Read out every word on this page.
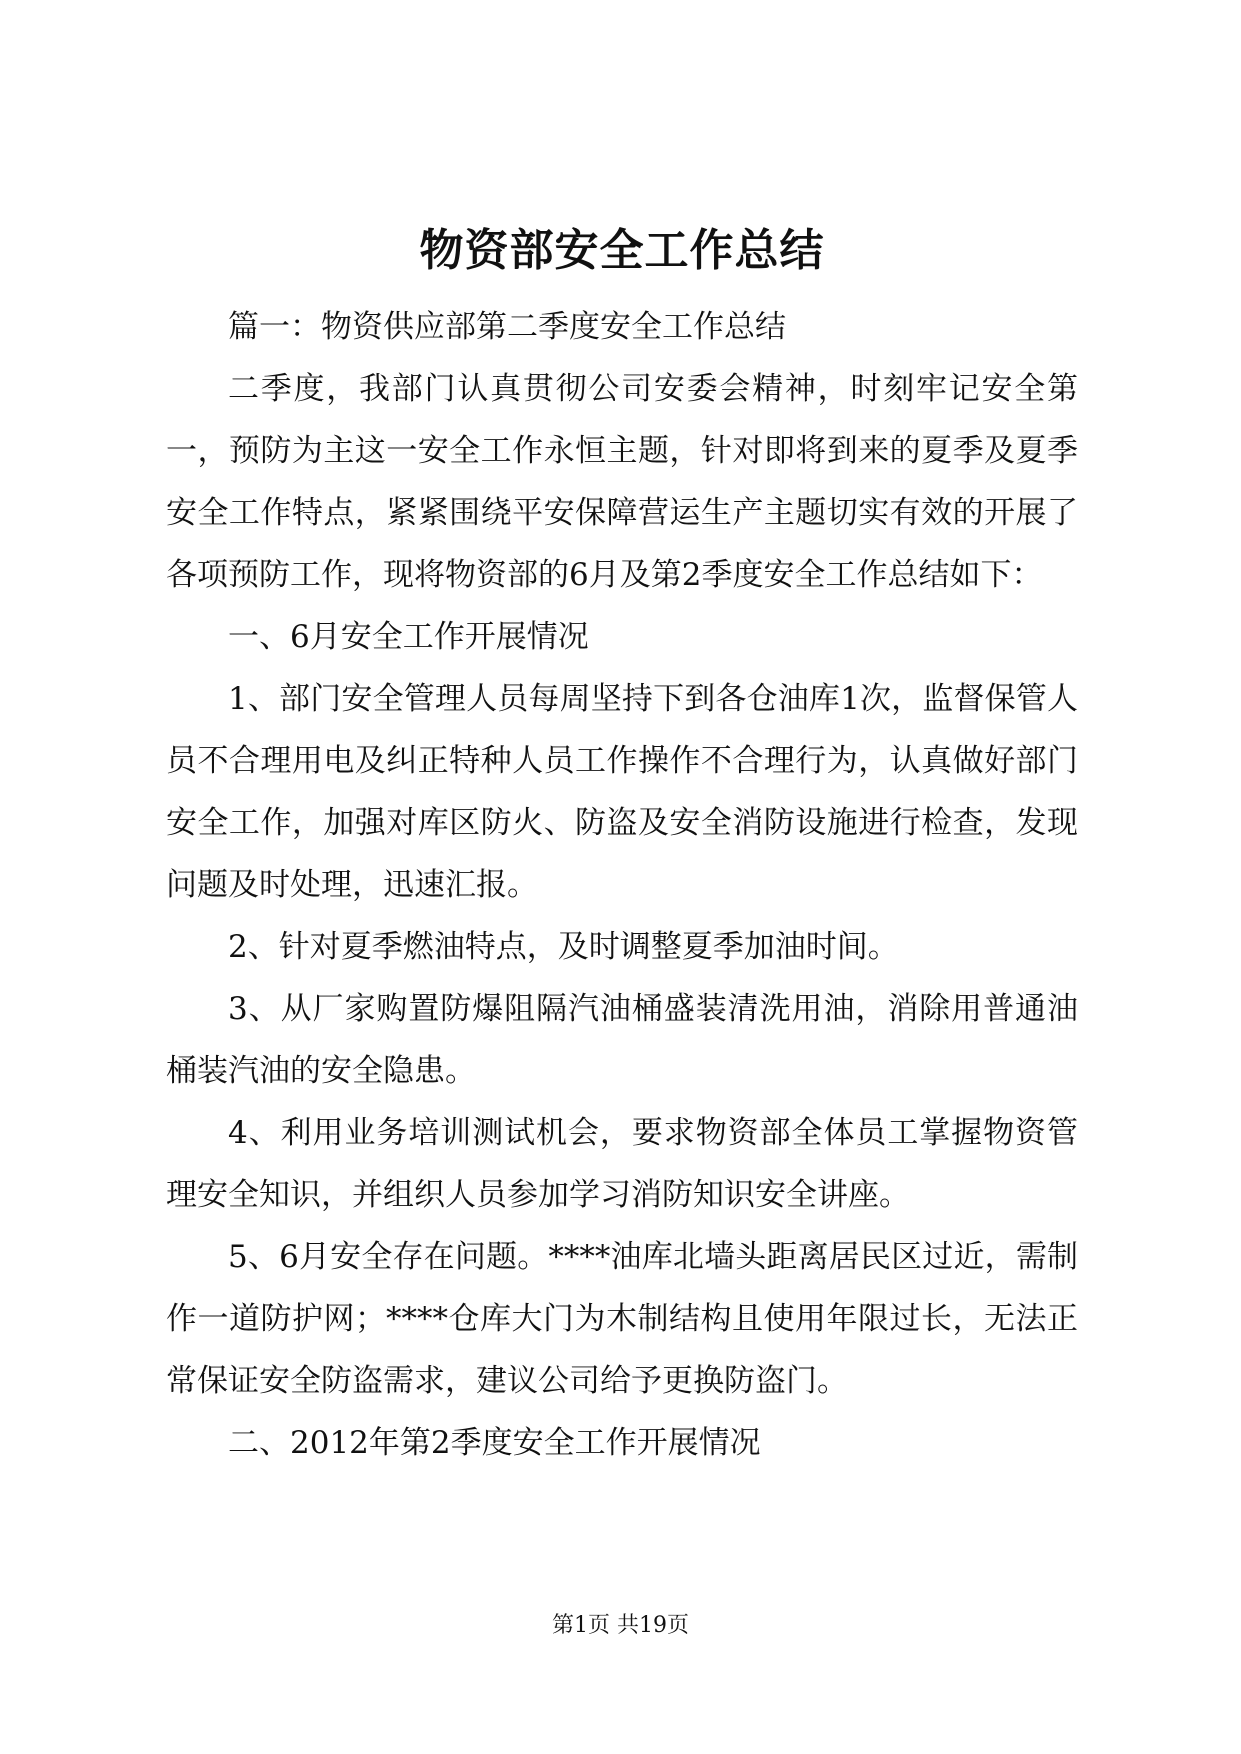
物资部安全工作总结

篇一：物资供应部第二季度安全工作总结

二季度，我部门认真贯彻公司安委会精神，时刻牢记安全第一，预防为主这一安全工作永恒主题，针对即将到来的夏季及夏季安全工作特点，紧紧围绕平安保障营运生产主题切实有效的开展了各项预防工作，现将物资部的6月及第2季度安全工作总结如下：

一、6月安全工作开展情况

1、部门安全管理人员每周坚持下到各仓油库1次，监督保管人员不合理用电及纠正特种人员工作操作不合理行为，认真做好部门安全工作，加强对库区防火、防盗及安全消防设施进行检查，发现问题及时处理，迅速汇报。

2、针对夏季燃油特点，及时调整夏季加油时间。

3、从厂家购置防爆阻隔汽油桶盛装清洗用油，消除用普通油桶装汽油的安全隐患。

4、利用业务培训测试机会，要求物资部全体员工掌握物资管理安全知识，并组织人员参加学习消防知识安全讲座。

5、6月安全存在问题。****油库北墙头距离居民区过近，需制作一道防护网；****仓库大门为木制结构且使用年限过长，无法正常保证安全防盗需求，建议公司给予更换防盗门。

二、2012年第2季度安全工作开展情况

第1页 共19页
